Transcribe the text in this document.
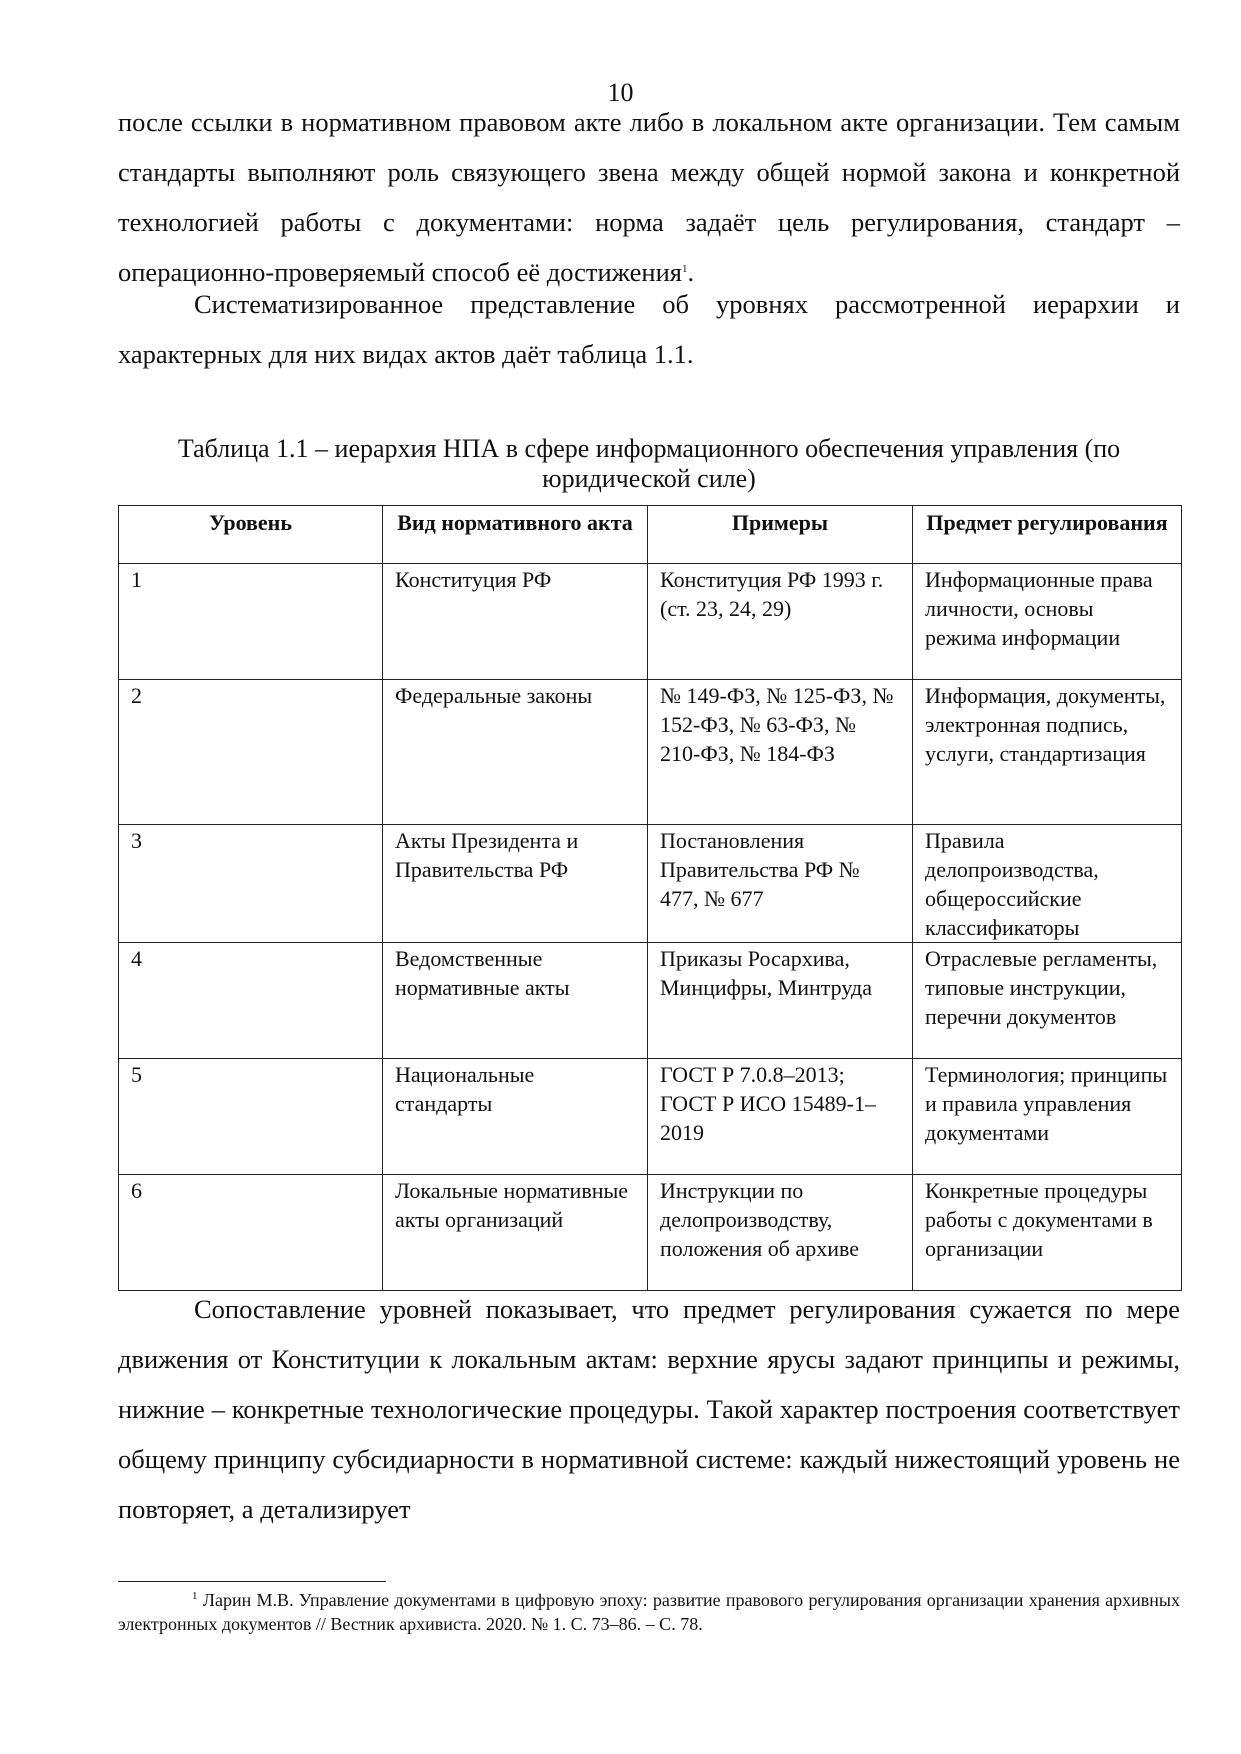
10

после ссылки в нормативном правовом акте либо в локальном акте организации. Тем самым стандарты выполняют роль связующего звена между общей нормой закона и конкретной технологией работы с документами: норма задаёт цель регулирования, стандарт – операционно-проверяемый способ её достижения$^1$.

Систематизированное представление об уровнях рассмотренной иерархии и характерных для них видах актов даёт таблица 1.1.

Таблица 1.1 – иерархия НПА в сфере информационного обеспечения управления (по юридической силе)

Уровень	Вид нормативного акта	Примеры	Предмет регулирования
1	Конституция РФ	Конституция РФ 1993 г. (ст. 23, 24, 29)	Информационные права личности, основы режима информации
2	Федеральные законы	№ 149-ФЗ, № 125-ФЗ, № 152-ФЗ, № 63-ФЗ, № 210-ФЗ, № 184-ФЗ	Информация, документы, электронная подпись, услуги, стандартизация
3	Акты Президента и Правительства РФ	Постановления Правительства РФ № 477, № 677	Правила делопроизводства, общероссийские классификаторы
4	Ведомственные нормативные акты	Приказы Росархива, Минцифры, Минтруда	Отраслевые регламенты, типовые инструкции, перечни документов
5	Национальные стандарты	ГОСТ Р 7.0.8–2013; ГОСТ Р ИСО 15489-1–2019	Терминология; принципы и правила управления документами
6	Локальные нормативные акты организаций	Инструкции по делопроизводству, положения об архиве	Конкретные процедуры работы с документами в организации

Сопоставление уровней показывает, что предмет регулирования сужается по мере движения от Конституции к локальным актам: верхние ярусы задают принципы и режимы, нижние – конкретные технологические процедуры. Такой характер построения соответствует общему принципу субсидиарности в нормативной системе: каждый нижестоящий уровень не повторяет, а детализирует

$^1$ Ларин М.В. Управление документами в цифровую эпоху: развитие правового регулирования организации хранения архивных электронных документов // Вестник архивиста. 2020. № 1. С. 73–86. – С. 78.
